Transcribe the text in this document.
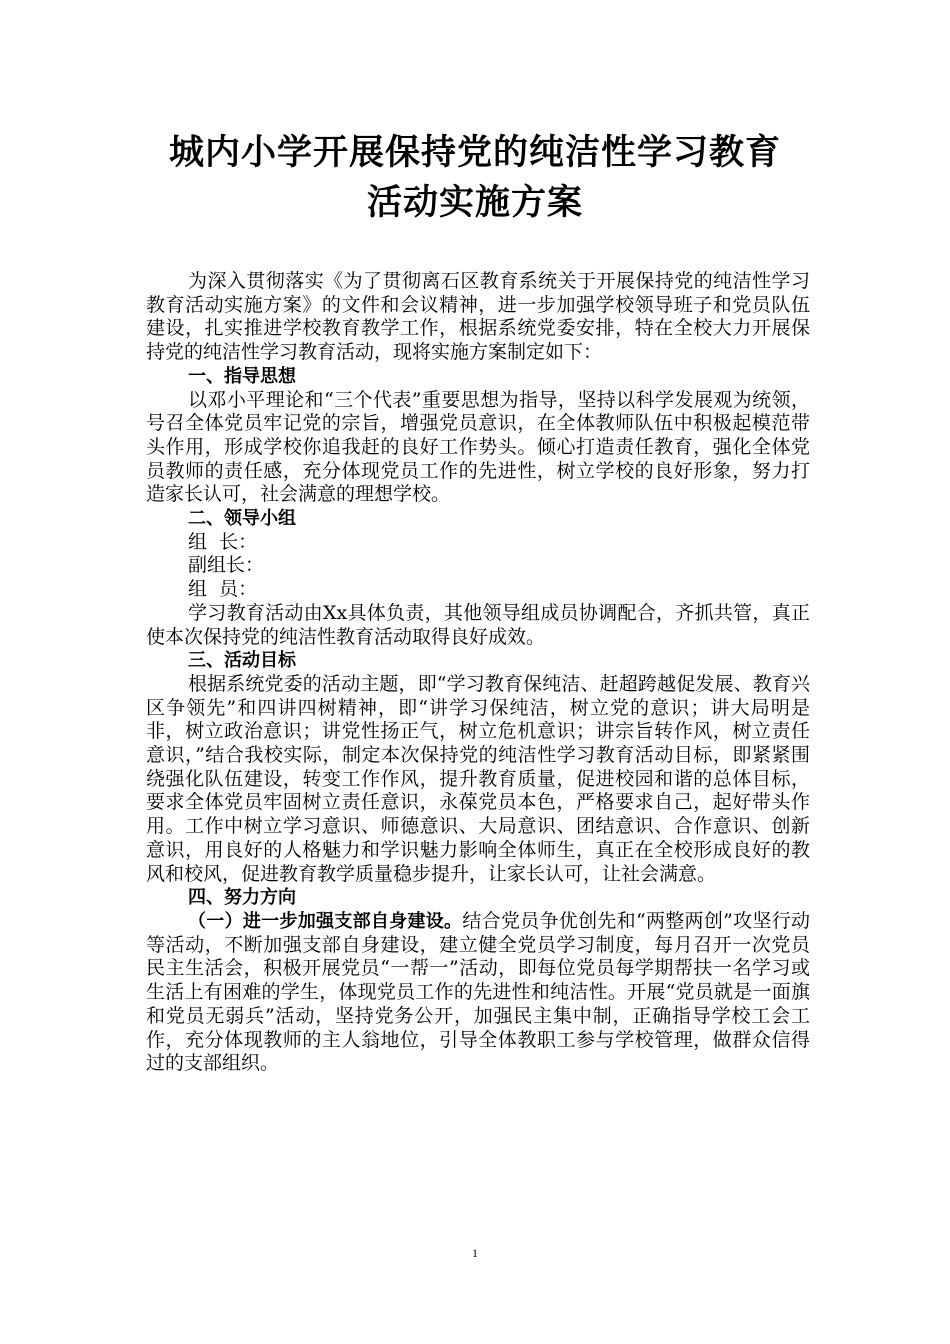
城内小学开展保持党的纯洁性学习教育
活动实施方案

为深入贯彻落实《为了贯彻离石区教育系统关于开展保持党的纯洁性学习教育活动实施方案》的文件和会议精神，进一步加强学校领导班子和党员队伍建设，扎实推进学校教育教学工作，根据系统党委安排，特在全校大力开展保持党的纯洁性学习教育活动，现将实施方案制定如下：

一、指导思想

以邓小平理论和“三个代表”重要思想为指导，坚持以科学发展观为统领，号召全体党员牢记党的宗旨，增强党员意识，在全体教师队伍中积极起模范带头作用，形成学校你追我赶的良好工作势头。倾心打造责任教育，强化全体党员教师的责任感，充分体现党员工作的先进性，树立学校的良好形象，努力打造家长认可，社会满意的理想学校。

二、领导小组

组  长：

副组长：

组  员：

学习教育活动由Xx具体负责，其他领导组成员协调配合，齐抓共管，真正使本次保持党的纯洁性教育活动取得良好成效。

三、活动目标

根据系统党委的活动主题，即“学习教育保纯洁、赶超跨越促发展、教育兴区争领先”和四讲四树精神，即“讲学习保纯洁，树立党的意识；讲大局明是非，树立政治意识；讲党性扬正气，树立危机意识；讲宗旨转作风，树立责任意识，”结合我校实际，制定本次保持党的纯洁性学习教育活动目标，即紧紧围绕强化队伍建设，转变工作作风，提升教育质量，促进校园和谐的总体目标，要求全体党员牢固树立责任意识，永葆党员本色，严格要求自己，起好带头作用。工作中树立学习意识、师德意识、大局意识、团结意识、合作意识、创新意识，用良好的人格魅力和学识魅力影响全体师生，真正在全校形成良好的教风和校风，促进教育教学质量稳步提升，让家长认可，让社会满意。

四、努力方向

（一）进一步加强支部自身建设。结合党员争优创先和“两整两创”攻坚行动等活动，不断加强支部自身建设，建立健全党员学习制度，每月召开一次党员民主生活会，积极开展党员“一帮一”活动，即每位党员每学期帮扶一名学习或生活上有困难的学生，体现党员工作的先进性和纯洁性。开展“党员就是一面旗和党员无弱兵”活动，坚持党务公开，加强民主集中制，正确指导学校工会工作，充分体现教师的主人翁地位，引导全体教职工参与学校管理，做群众信得过的支部组织。

1
